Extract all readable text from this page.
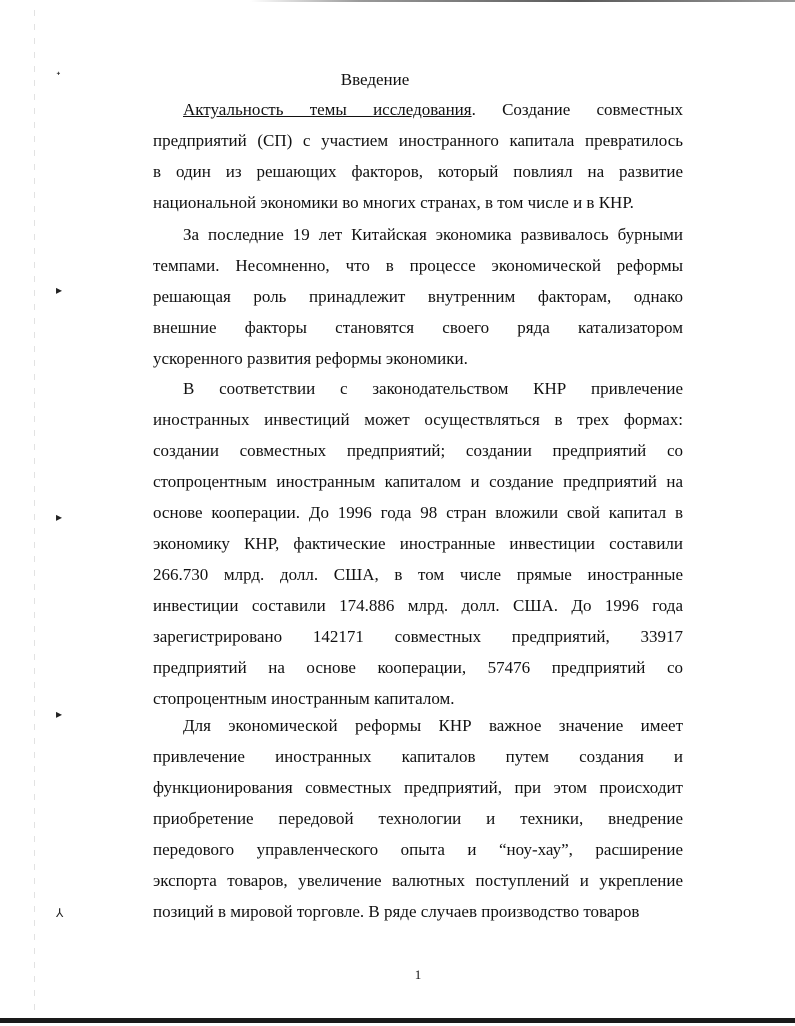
ᐩ
▸
▸
▸
⅄
Введение
Актуальность темы исследования. Создание совместных
предприятий (СП) с участием иностранного капитала превратилось
в один из решающих факторов, который повлиял на развитие
национальной экономики во многих странах, в том числе и в КНР.
За последние 19 лет Китайская экономика развивалось бурными
темпами. Несомненно, что в процессе экономической реформы
решающая роль принадлежит внутренним факторам, однако
внешние факторы становятся своего ряда катализатором
ускоренного развития реформы экономики.
В соответствии с законодательством КНР привлечение
иностранных инвестиций может осуществляться в трех формах:
создании совместных предприятий; создании предприятий со
стопроцентным иностранным капиталом и создание предприятий на
основе кооперации. До 1996 года 98 стран вложили свой капитал в
экономику КНР, фактические иностранные инвестиции составили
266.730 млрд. долл. США, в том числе прямые иностранные
инвестиции составили 174.886 млрд. долл. США. До 1996 года
зарегистрировано 142171 совместных предприятий, 33917
предприятий на основе кооперации, 57476 предприятий со
стопроцентным иностранным капиталом.
Для экономической реформы КНР важное значение имеет
привлечение иностранных капиталов путем создания и
функционирования совместных предприятий, при этом происходит
приобретение передовой технологии и техники, внедрение
передового управленческого опыта и “ноу-хау”, расширение
экспорта товаров, увеличение валютных поступлений и укрепление
позиций в мировой торговле. В ряде случаев производство товаров
1
